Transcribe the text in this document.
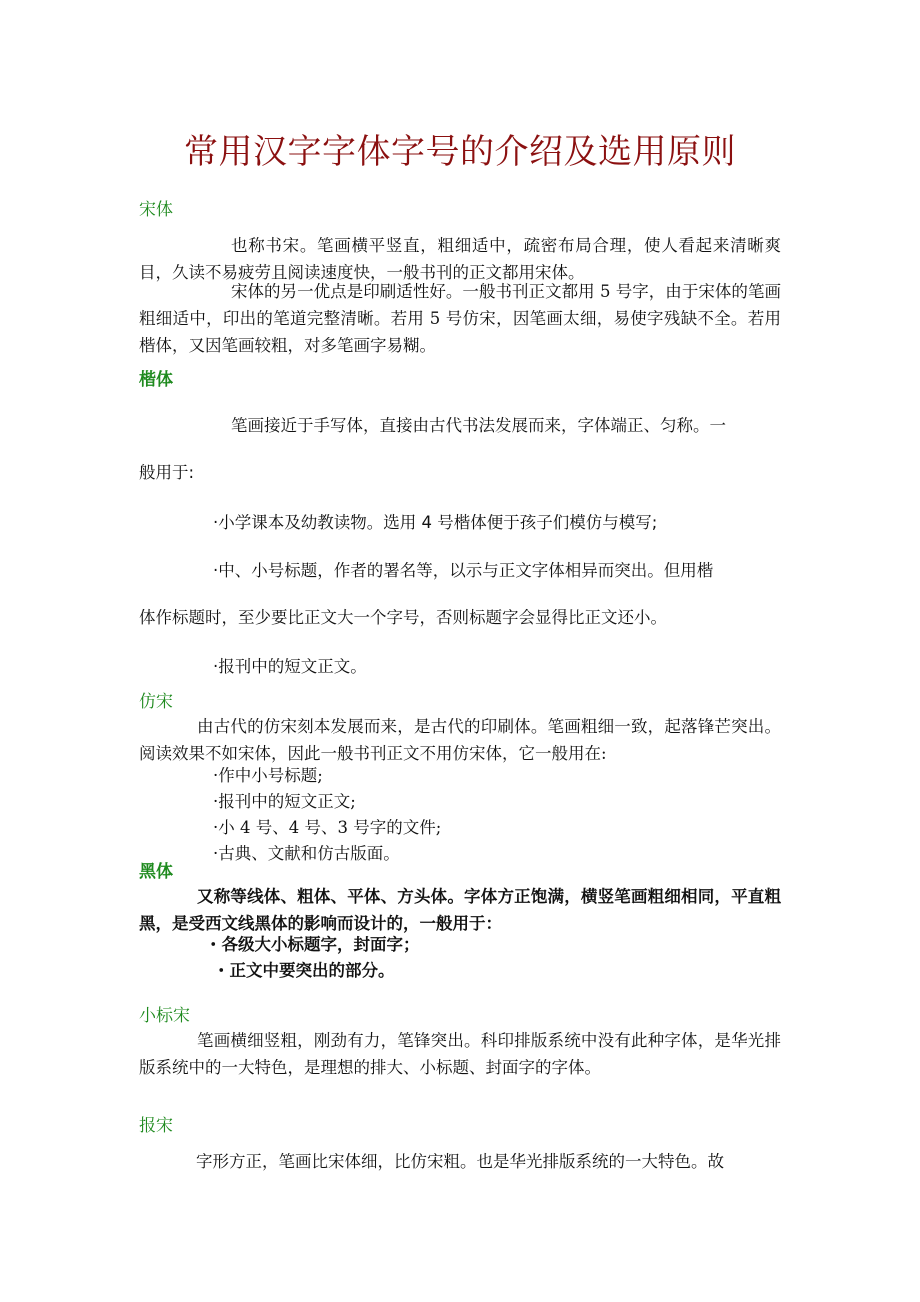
常用汉字字体字号的介绍及选用原则
宋体

也称书宋。笔画横平竖直，粗细适中，疏密布局合理，使人看起来清晰爽目，久读不易疲劳且阅读速度快，一般书刊的正文都用宋体。

宋体的另一优点是印刷适性好。一般书刊正文都用 5 号字，由于宋体的笔画粗细适中，印出的笔道完整清晰。若用 5 号仿宋，因笔画太细，易使字残缺不全。若用楷体，又因笔画较粗，对多笔画字易糊。

楷体

笔画接近于手写体，直接由古代书法发展而来，字体端正、匀称。一

般用于:

·小学课本及幼教读物。选用 4 号楷体便于孩子们模仿与模写;

·中、小号标题，作者的署名等，以示与正文字体相异而突出。但用楷

体作标题时，至少要比正文大一个字号，否则标题字会显得比正文还小。

·报刊中的短文正文。

仿宋

由古代的仿宋刻本发展而来，是古代的印刷体。笔画粗细一致，起落锋芒突出。阅读效果不如宋体，因此一般书刊正文不用仿宋体，它一般用在:

·作中小号标题;

·报刊中的短文正文;

·小 4 号、4 号、3 号字的文件;

·古典、文献和仿古版面。

黑体

又称等线体、粗体、平体、方头体。字体方正饱满，横竖笔画粗细相同，平直粗黑，是受西文线黑体的影响而设计的，一般用于：

・各级大小标题字，封面字；

・正文中要突出的部分。

小标宋

笔画横细竖粗，刚劲有力，笔锋突出。科印排版系统中没有此种字体，是华光排版系统中的一大特色，是理想的排大、小标题、封面字的字体。

报宋

字形方正，笔画比宋体细，比仿宋粗。也是华光排版系统的一大特色。故
